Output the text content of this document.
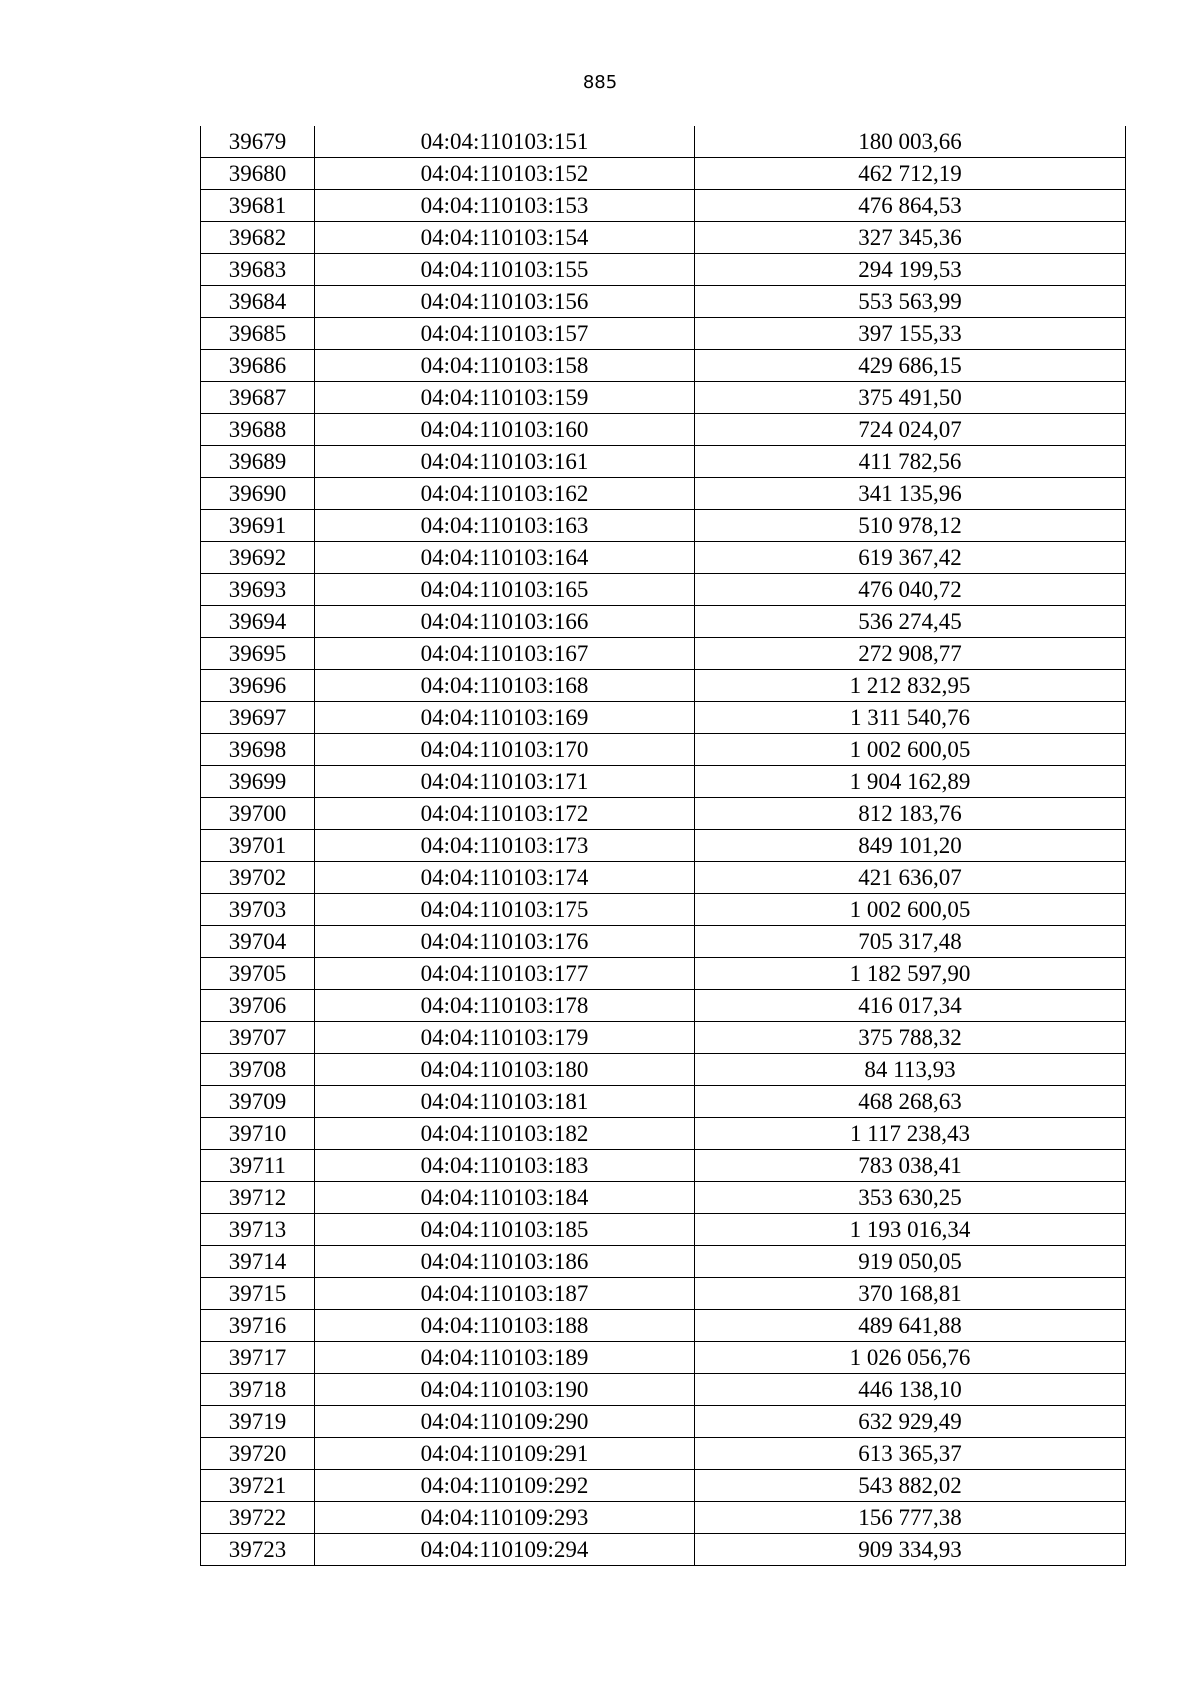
885
39679	04:04:110103:151	180 003,66
39680	04:04:110103:152	462 712,19
39681	04:04:110103:153	476 864,53
39682	04:04:110103:154	327 345,36
39683	04:04:110103:155	294 199,53
39684	04:04:110103:156	553 563,99
39685	04:04:110103:157	397 155,33
39686	04:04:110103:158	429 686,15
39687	04:04:110103:159	375 491,50
39688	04:04:110103:160	724 024,07
39689	04:04:110103:161	411 782,56
39690	04:04:110103:162	341 135,96
39691	04:04:110103:163	510 978,12
39692	04:04:110103:164	619 367,42
39693	04:04:110103:165	476 040,72
39694	04:04:110103:166	536 274,45
39695	04:04:110103:167	272 908,77
39696	04:04:110103:168	1 212 832,95
39697	04:04:110103:169	1 311 540,76
39698	04:04:110103:170	1 002 600,05
39699	04:04:110103:171	1 904 162,89
39700	04:04:110103:172	812 183,76
39701	04:04:110103:173	849 101,20
39702	04:04:110103:174	421 636,07
39703	04:04:110103:175	1 002 600,05
39704	04:04:110103:176	705 317,48
39705	04:04:110103:177	1 182 597,90
39706	04:04:110103:178	416 017,34
39707	04:04:110103:179	375 788,32
39708	04:04:110103:180	84 113,93
39709	04:04:110103:181	468 268,63
39710	04:04:110103:182	1 117 238,43
39711	04:04:110103:183	783 038,41
39712	04:04:110103:184	353 630,25
39713	04:04:110103:185	1 193 016,34
39714	04:04:110103:186	919 050,05
39715	04:04:110103:187	370 168,81
39716	04:04:110103:188	489 641,88
39717	04:04:110103:189	1 026 056,76
39718	04:04:110103:190	446 138,10
39719	04:04:110109:290	632 929,49
39720	04:04:110109:291	613 365,37
39721	04:04:110109:292	543 882,02
39722	04:04:110109:293	156 777,38
39723	04:04:110109:294	909 334,93
